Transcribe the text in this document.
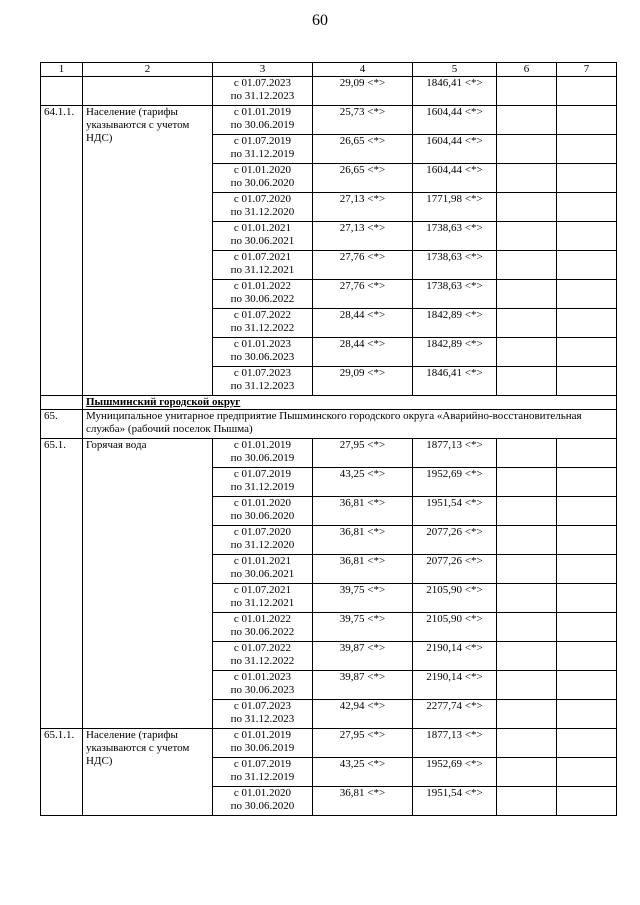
60
1	2	3	4	5	6	7

		с 01.07.2023
по 31.12.2023	29,09 <*>	1846,41 <*>		
64.1.1.	Население (тарифы указываются с учетом НДС)	с 01.01.2019
по 30.06.2019	25,73 <*>	1604,44 <*>		

		с 01.07.2019
по 31.12.2019	26,65 <*>	1604,44 <*>		

		с 01.01.2020
по 30.06.2020	26,65 <*>	1604,44 <*>		

		с 01.07.2020
по 31.12.2020	27,13 <*>	1771,98 <*>		

		с 01.01.2021
по 30.06.2021	27,13 <*>	1738,63 <*>		

		с 01.07.2021
по 31.12.2021	27,76 <*>	1738,63 <*>		

		с 01.01.2022
по 30.06.2022	27,76 <*>	1738,63 <*>		

		с 01.07.2022
по 31.12.2022	28,44 <*>	1842,89 <*>		

		с 01.01.2023
по 30.06.2023	28,44 <*>	1842,89 <*>		

		с 01.07.2023
по 31.12.2023	29,09 <*>	1846,41 <*>		
	Пышминский городской округ					
65.	Муниципальное унитарное предприятие Пышминского городского округа «Аварийно-восстановительная служба» (рабочий поселок Пышма)					
65.1.	Горячая вода	с 01.01.2019
по 30.06.2019	27,95 <*>	1877,13 <*>		

		с 01.07.2019
по 31.12.2019	43,25 <*>	1952,69 <*>		

		с 01.01.2020
по 30.06.2020	36,81 <*>	1951,54 <*>		

		с 01.07.2020
по 31.12.2020	36,81 <*>	2077,26 <*>		

		с 01.01.2021
по 30.06.2021	36,81 <*>	2077,26 <*>		

		с 01.07.2021
по 31.12.2021	39,75 <*>	2105,90 <*>		

		с 01.01.2022
по 30.06.2022	39,75 <*>	2105,90 <*>		

		с 01.07.2022
по 31.12.2022	39,87 <*>	2190,14 <*>		

		с 01.01.2023
по 30.06.2023	39,87 <*>	2190,14 <*>		

		с 01.07.2023
по 31.12.2023	42,94 <*>	2277,74 <*>		
65.1.1.	Население (тарифы указываются с учетом НДС)	с 01.01.2019
по 30.06.2019	27,95 <*>	1877,13 <*>		

		с 01.07.2019
по 31.12.2019	43,25 <*>	1952,69 <*>		

		с 01.01.2020
по 30.06.2020	36,81 <*>	1951,54 <*>		
